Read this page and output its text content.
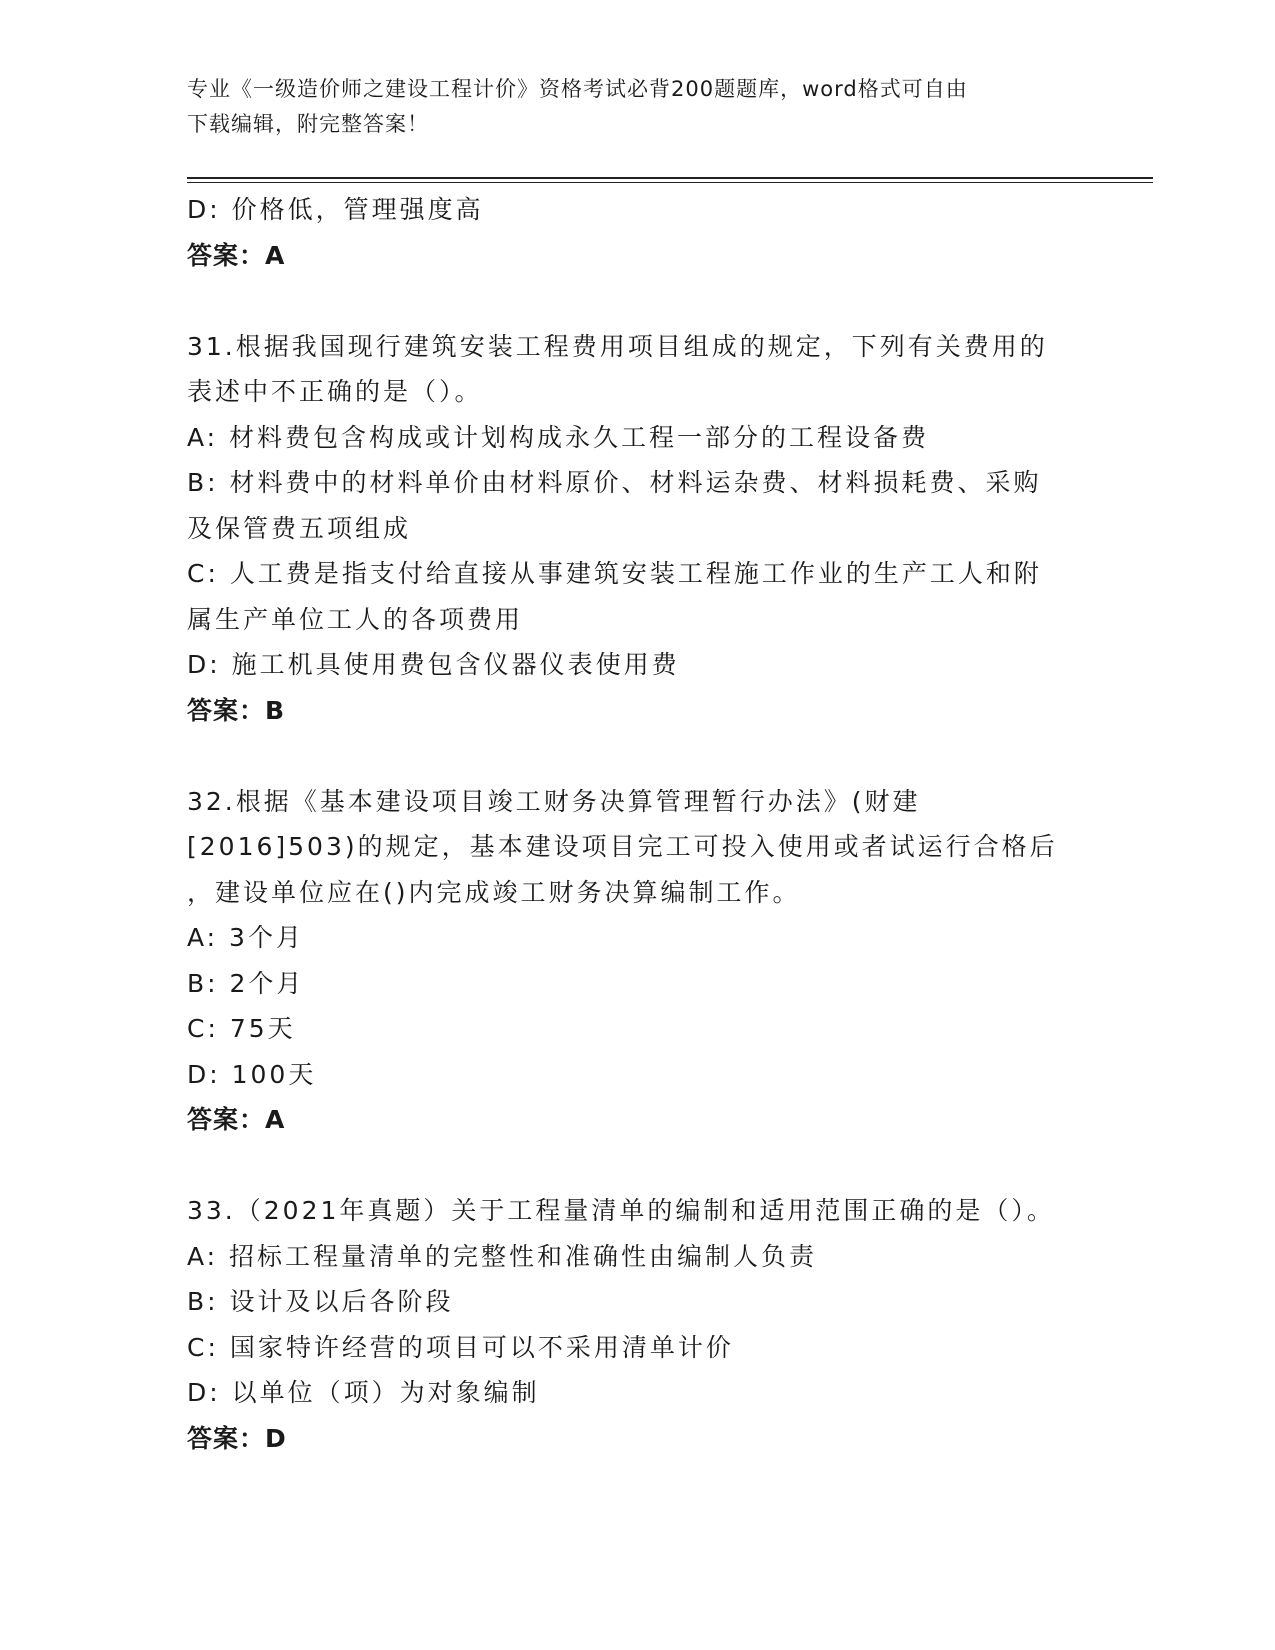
专业《一级造价师之建设工程计价》资格考试必背200题题库，word格式可自由
下载编辑，附完整答案！
D: 价格低，管理强度高
答案：A
31.根据我国现行建筑安装工程费用项目组成的规定，下列有关费用的
表述中不正确的是（）。
A: 材料费包含构成或计划构成永久工程一部分的工程设备费
B: 材料费中的材料单价由材料原价、材料运杂费、材料损耗费、采购
及保管费五项组成
C: 人工费是指支付给直接从事建筑安装工程施工作业的生产工人和附
属生产单位工人的各项费用
D: 施工机具使用费包含仪器仪表使用费
答案：B
32.根据《基本建设项目竣工财务决算管理暂行办法》(财建
[2016]503)的规定，基本建设项目完工可投入使用或者试运行合格后
，建设单位应在()内完成竣工财务决算编制工作。
A: 3个月
B: 2个月
C: 75天
D: 100天
答案：A
33.（2021年真题）关于工程量清单的编制和适用范围正确的是（）。
A: 招标工程量清单的完整性和准确性由编制人负责
B: 设计及以后各阶段
C: 国家特许经营的项目可以不采用清单计价
D: 以单位（项）为对象编制
答案：D
